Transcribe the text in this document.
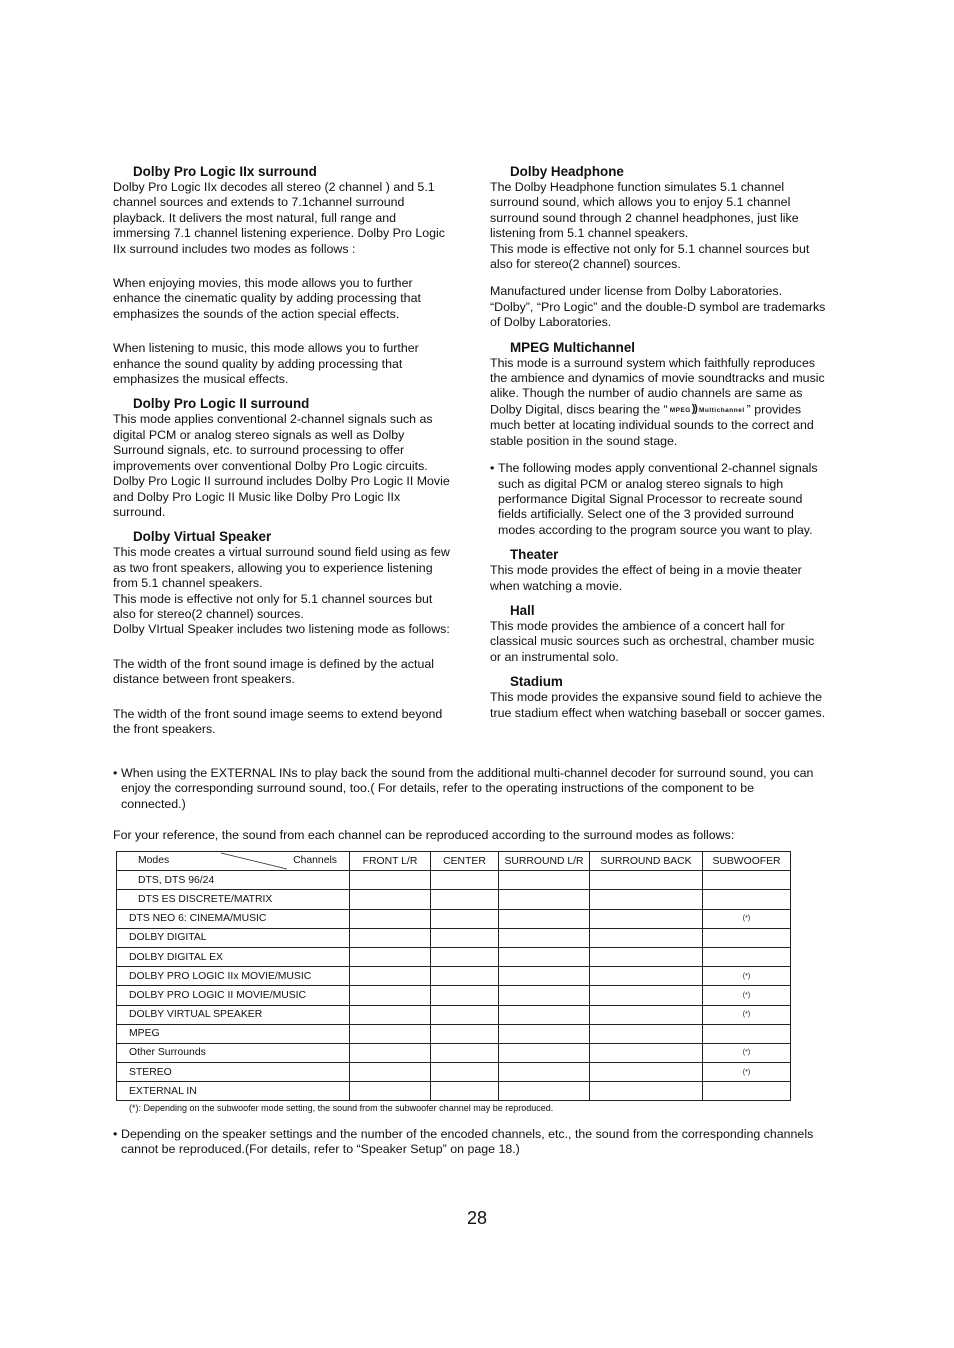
Dolby Pro Logic IIx surround
Dolby Pro Logic IIx decodes all stereo (2 channel ) and 5.1
channel sources and extends to 7.1channel surround
playback. It delivers the most natural, full range and
immersing 7.1 channel listening experience. Dolby Pro Logic
IIx surround includes two modes as follows :
When enjoying movies, this mode allows you to further
enhance the cinematic quality by adding processing that
emphasizes the sounds of the action special effects.
When listening to music, this mode allows you to further
enhance the sound quality by adding processing that
emphasizes the musical effects.
Dolby Pro Logic II surround
This mode applies conventional 2-channel signals such as
digital PCM or analog stereo signals as well as Dolby
Surround signals, etc. to surround processing to offer
improvements over conventional Dolby Pro Logic circuits.
Dolby Pro Logic II surround includes Dolby Pro Logic II Movie
and Dolby Pro Logic II Music like Dolby Pro Logic IIx
surround.
Dolby Virtual Speaker
This mode creates a virtual surround sound field using as few
as two front speakers, allowing you to experience listening
from 5.1 channel speakers.
This mode is effective not only for 5.1 channel sources but
also for stereo(2 channel) sources.
Dolby VIrtual Speaker includes two listening mode as follows:
The width of the front sound image is defined by the actual
distance between front speakers.
The width of the front sound image seems to extend beyond
the front speakers.
Dolby Headphone
The Dolby Headphone function simulates 5.1 channel
surround sound, which allows you to enjoy 5.1 channel
surround sound through 2 channel headphones, just like
listening from 5.1 channel speakers.
This mode is effective not only for 5.1 channel sources but
also for stereo(2 channel) sources.
Manufactured under license from Dolby Laboratories.
“Dolby”, “Pro Logic” and the double-D symbol are trademarks
of Dolby Laboratories.
MPEG Multichannel
This mode is a surround system which faithfully reproduces
the ambience and dynamics of movie soundtracks and music
alike. Though the number of audio channels are same as
Dolby Digital, discs bearing the “ MPEG⸩Multichannel ” provides
much better at locating individual sounds to the correct and
stable position in the sound stage.
• The following modes apply conventional 2-channel signals
such as digital PCM or analog stereo signals to high
performance Digital Signal Processor to recreate sound
fields artificially. Select one of the 3 provided surround
modes according to the program source you want to play.
Theater
This mode provides the effect of being in a movie theater
when watching a movie.
Hall
This mode provides the ambience of a concert hall for
classical music sources such as orchestral, chamber music
or an instrumental solo.
Stadium
This mode provides the expansive sound field to achieve the
true stadium effect when watching baseball or soccer games.
• When using the EXTERNAL INs to play back the sound from the additional multi-channel decoder for surround sound, you can
enjoy the corresponding surround sound, too.( For details, refer to the operating instructions of the component to be
connected.)
For your reference, the sound from each channel can be reproduced according to the surround modes as follows:
Modes Channels	FRONT L/R	CENTER	SURROUND L/R	SURROUND BACK	SUBWOOFER
DTS, DTS 96/24					
DTS ES DISCRETE/MATRIX					
DTS NEO 6: CINEMA/MUSIC					(*)
DOLBY DIGITAL					
DOLBY DIGITAL EX					
DOLBY PRO LOGIC IIx MOVIE/MUSIC					(*)
DOLBY PRO LOGIC II MOVIE/MUSIC					(*)
DOLBY VIRTUAL SPEAKER					(*)
MPEG					
Other Surrounds					(*)
STEREO					(*)
EXTERNAL IN					
(*): Depending on the subwoofer mode setting, the sound from the subwoofer channel may be reproduced.
• Depending on the speaker settings and the number of the encoded channels, etc., the sound from the corresponding channels
cannot be reproduced.(For details, refer to “Speaker Setup” on page 18.)
28
